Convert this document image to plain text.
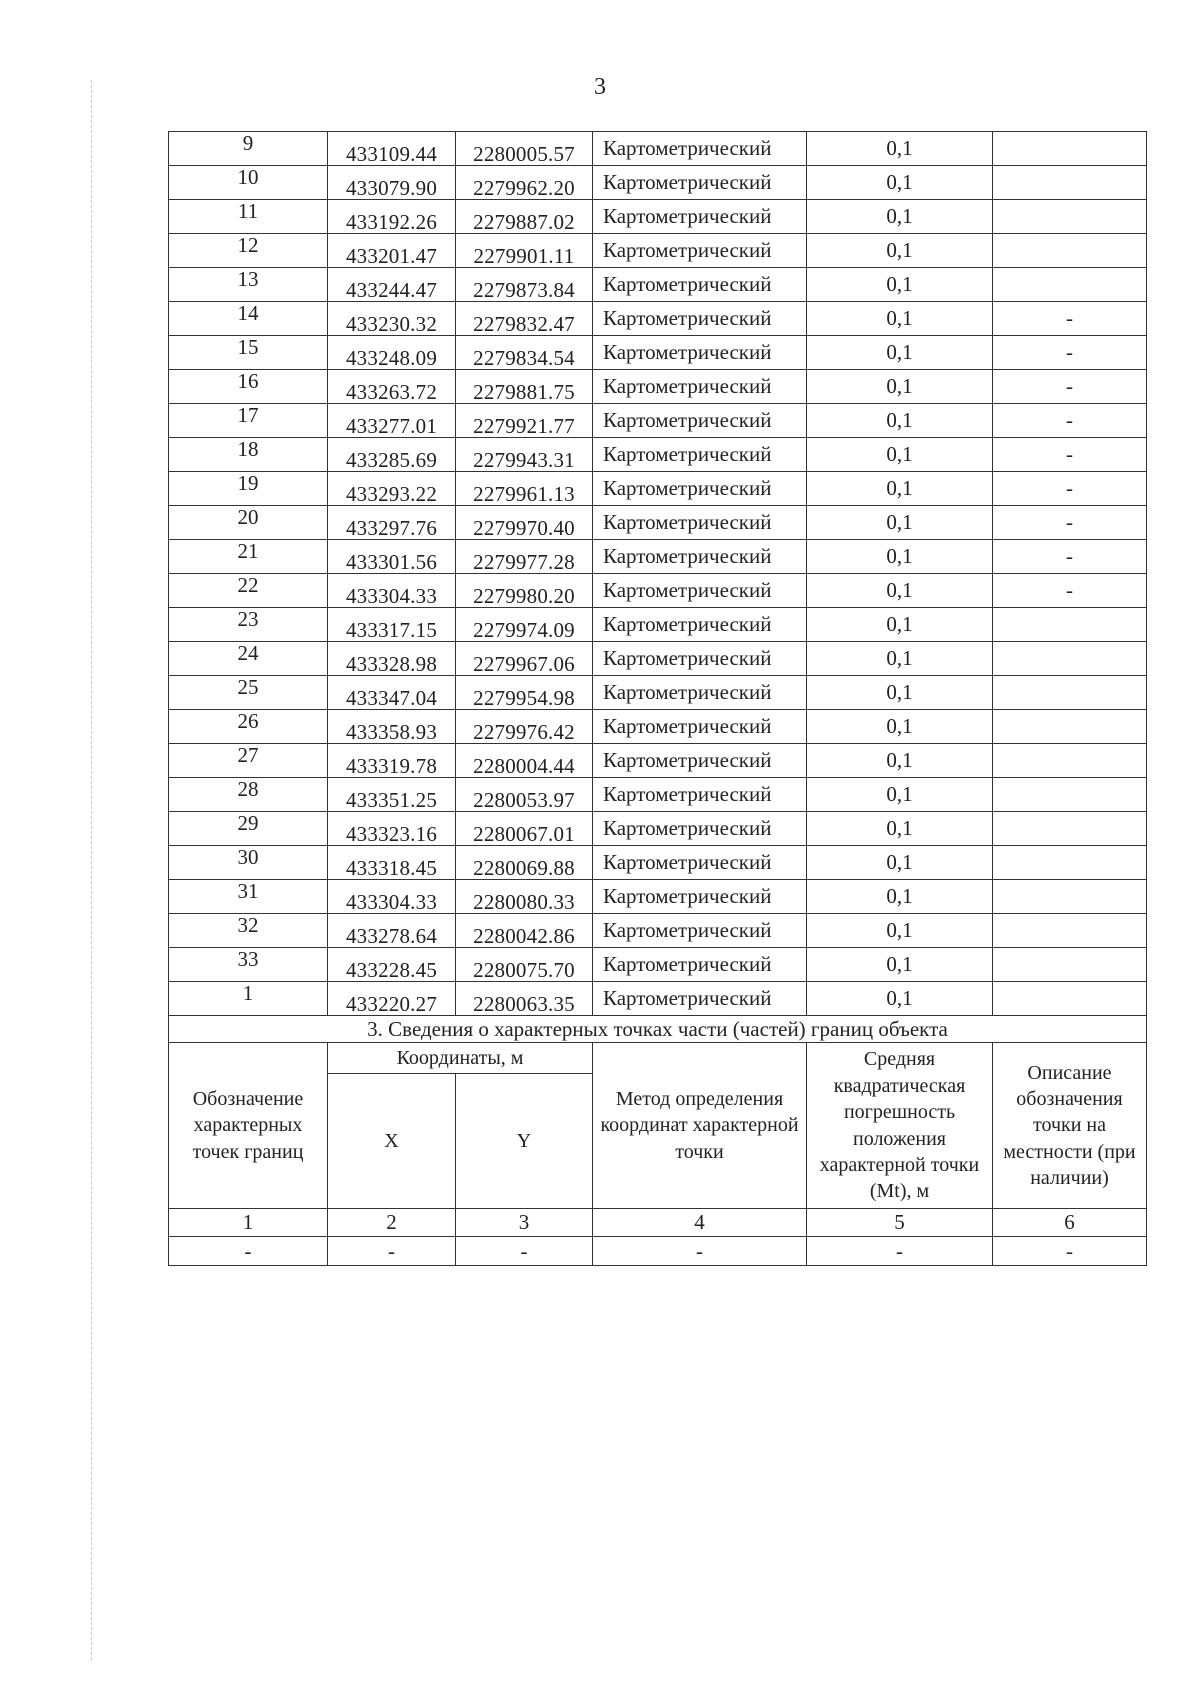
3
9	433109.44	2280005.57	Картометрический	0,1	
10	433079.90	2279962.20	Картометрический	0,1	
11	433192.26	2279887.02	Картометрический	0,1	
12	433201.47	2279901.11	Картометрический	0,1	
13	433244.47	2279873.84	Картометрический	0,1	
14	433230.32	2279832.47	Картометрический	0,1	-
15	433248.09	2279834.54	Картометрический	0,1	-
16	433263.72	2279881.75	Картометрический	0,1	-
17	433277.01	2279921.77	Картометрический	0,1	-
18	433285.69	2279943.31	Картометрический	0,1	-
19	433293.22	2279961.13	Картометрический	0,1	-
20	433297.76	2279970.40	Картометрический	0,1	-
21	433301.56	2279977.28	Картометрический	0,1	-
22	433304.33	2279980.20	Картометрический	0,1	-
23	433317.15	2279974.09	Картометрический	0,1	
24	433328.98	2279967.06	Картометрический	0,1	
25	433347.04	2279954.98	Картометрический	0,1	
26	433358.93	2279976.42	Картометрический	0,1	
27	433319.78	2280004.44	Картометрический	0,1	
28	433351.25	2280053.97	Картометрический	0,1	
29	433323.16	2280067.01	Картометрический	0,1	
30	433318.45	2280069.88	Картометрический	0,1	
31	433304.33	2280080.33	Картометрический	0,1	
32	433278.64	2280042.86	Картометрический	0,1	
33	433228.45	2280075.70	Картометрический	0,1	
1	433220.27	2280063.35	Картометрический	0,1	
3. Сведения о характерных точках части (частей) границ объекта					
Обозначение характерных точек границ	Координаты, м		Метод определения координат характерной точки	Средняя квадратическая погрешность положения характерной точки (Mt), м	Описание обозначения точки на местности (при наличии)
	X	Y			
1	2	3	4	5	6
-	-	-	-	-	-
